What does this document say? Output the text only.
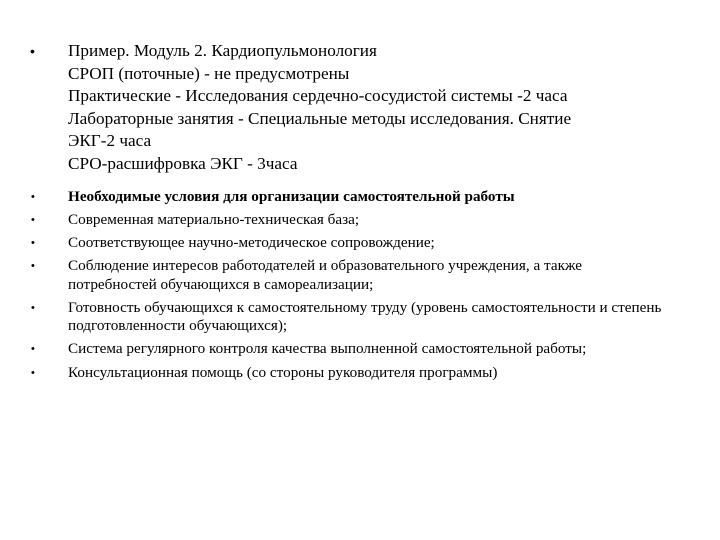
• Пример. Модуль 2. Кардиопульмонология
СРОП (поточные) - не предусмотрены
Практические - Исследования сердечно-сосудистой системы -2 часа
Лабораторные занятия - Специальные методы исследования. Снятие
ЭКГ-2 часа
СРО-расшифровка ЭКГ - 3часа
• Необходимые условия для организации самостоятельной работы
• Современная материально-техническая база;
• Соответствующее научно-методическое сопровождение;
• Соблюдение интересов работодателей и образовательного учреждения, а также потребностей обучающихся в самореализации;
• Готовность обучающихся к самостоятельному труду (уровень самостоятельности и степень подготовленности обучающихся);
• Система регулярного контроля качества выполненной самостоятельной работы;
• Консультационная помощь (со стороны руководителя программы)
